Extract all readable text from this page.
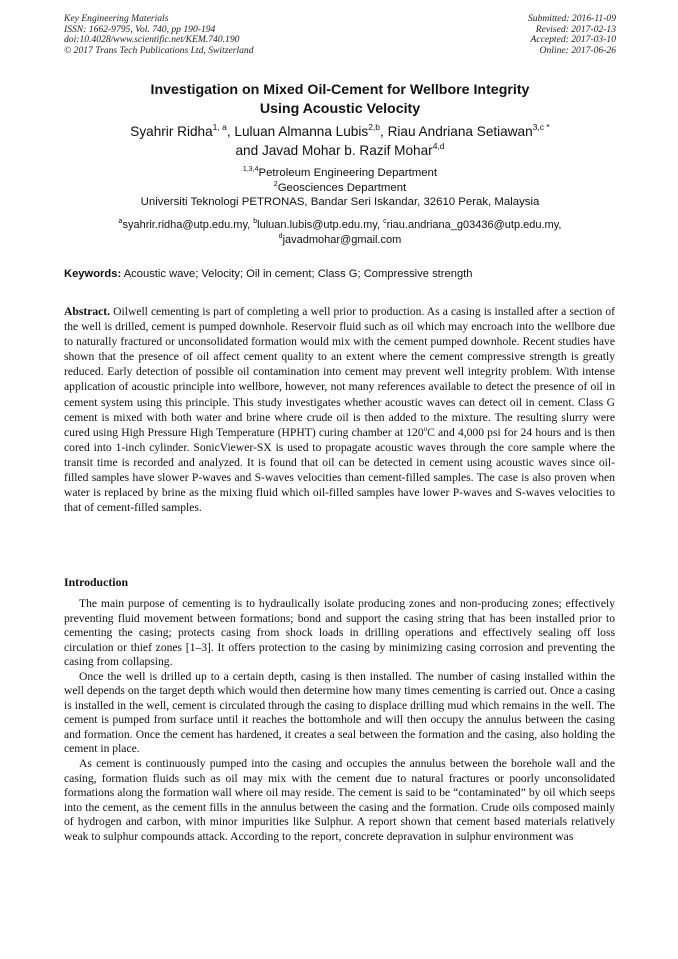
Key Engineering Materials
ISSN: 1662-9795, Vol. 740, pp 190-194
doi:10.4028/www.scientific.net/KEM.740.190
© 2017 Trans Tech Publications Ltd, Switzerland
Submitted: 2016-11-09
Revised: 2017-02-13
Accepted: 2017-03-10
Online: 2017-06-26
Investigation on Mixed Oil-Cement for Wellbore Integrity
Using Acoustic Velocity
Syahrir Ridha$^{1, a}$, Luluan Almanna Lubis$^{2,b}$, Riau Andriana Setiawan$^{3,c *}$
and Javad Mohar b. Razif Mohar$^{4,d}$
$^{1,3,4}$Petroleum Engineering Department
$^2$Geosciences Department
Universiti Teknologi PETRONAS, Bandar Seri Iskandar, 32610 Perak, Malaysia
$^a$syahrir.ridha@utp.edu.my, $^b$luluan.lubis@utp.edu.my, $^c$riau.andriana_g03436@utp.edu.my,
$^d$javadmohar@gmail.com
Keywords: Acoustic wave; Velocity; Oil in cement; Class G; Compressive strength
Abstract. Oilwell cementing is part of completing a well prior to production. As a casing is installed after a section of the well is drilled, cement is pumped downhole. Reservoir fluid such as oil which may encroach into the wellbore due to naturally fractured or unconsolidated formation would mix with the cement pumped downhole. Recent studies have shown that the presence of oil affect cement quality to an extent where the cement compressive strength is greatly reduced. Early detection of possible oil contamination into cement may prevent well integrity problem. With intense application of acoustic principle into wellbore, however, not many references available to detect the presence of oil in cement system using this principle. This study investigates whether acoustic waves can detect oil in cement. Class G cement is mixed with both water and brine where crude oil is then added to the mixture. The resulting slurry were cured using High Pressure High Temperature (HPHT) curing chamber at 120$^o$C and 4,000 psi for 24 hours and is then cored into 1-inch cylinder. SonicViewer-SX is used to propagate acoustic waves through the core sample where the transit time is recorded and analyzed. It is found that oil can be detected in cement using acoustic waves since oil-filled samples have slower P-waves and S-waves velocities than cement-filled samples. The case is also proven when water is replaced by brine as the mixing fluid which oil-filled samples have lower P-waves and S-waves velocities to that of cement-filled samples.
Introduction

The main purpose of cementing is to hydraulically isolate producing zones and non-producing zones; effectively preventing fluid movement between formations; bond and support the casing string that has been installed prior to cementing the casing; protects casing from shock loads in drilling operations and effectively sealing off loss circulation or thief zones [1–3]. It offers protection to the casing by minimizing casing corrosion and preventing the casing from collapsing.

Once the well is drilled up to a certain depth, casing is then installed. The number of casing installed within the well depends on the target depth which would then determine how many times cementing is carried out. Once a casing is installed in the well, cement is circulated through the casing to displace drilling mud which remains in the well. The cement is pumped from surface until it reaches the bottomhole and will then occupy the annulus between the casing and formation. Once the cement has hardened, it creates a seal between the formation and the casing, also holding the cement in place.

As cement is continuously pumped into the casing and occupies the annulus between the borehole wall and the casing, formation fluids such as oil may mix with the cement due to natural fractures or poorly unconsolidated formations along the formation wall where oil may reside. The cement is said to be “contaminated” by oil which seeps into the cement, as the cement fills in the annulus between the casing and the formation. Crude oils composed mainly of hydrogen and carbon, with minor impurities like Sulphur. A report shown that cement based materials relatively weak to sulphur compounds attack. According to the report, concrete depravation in sulphur environment was
